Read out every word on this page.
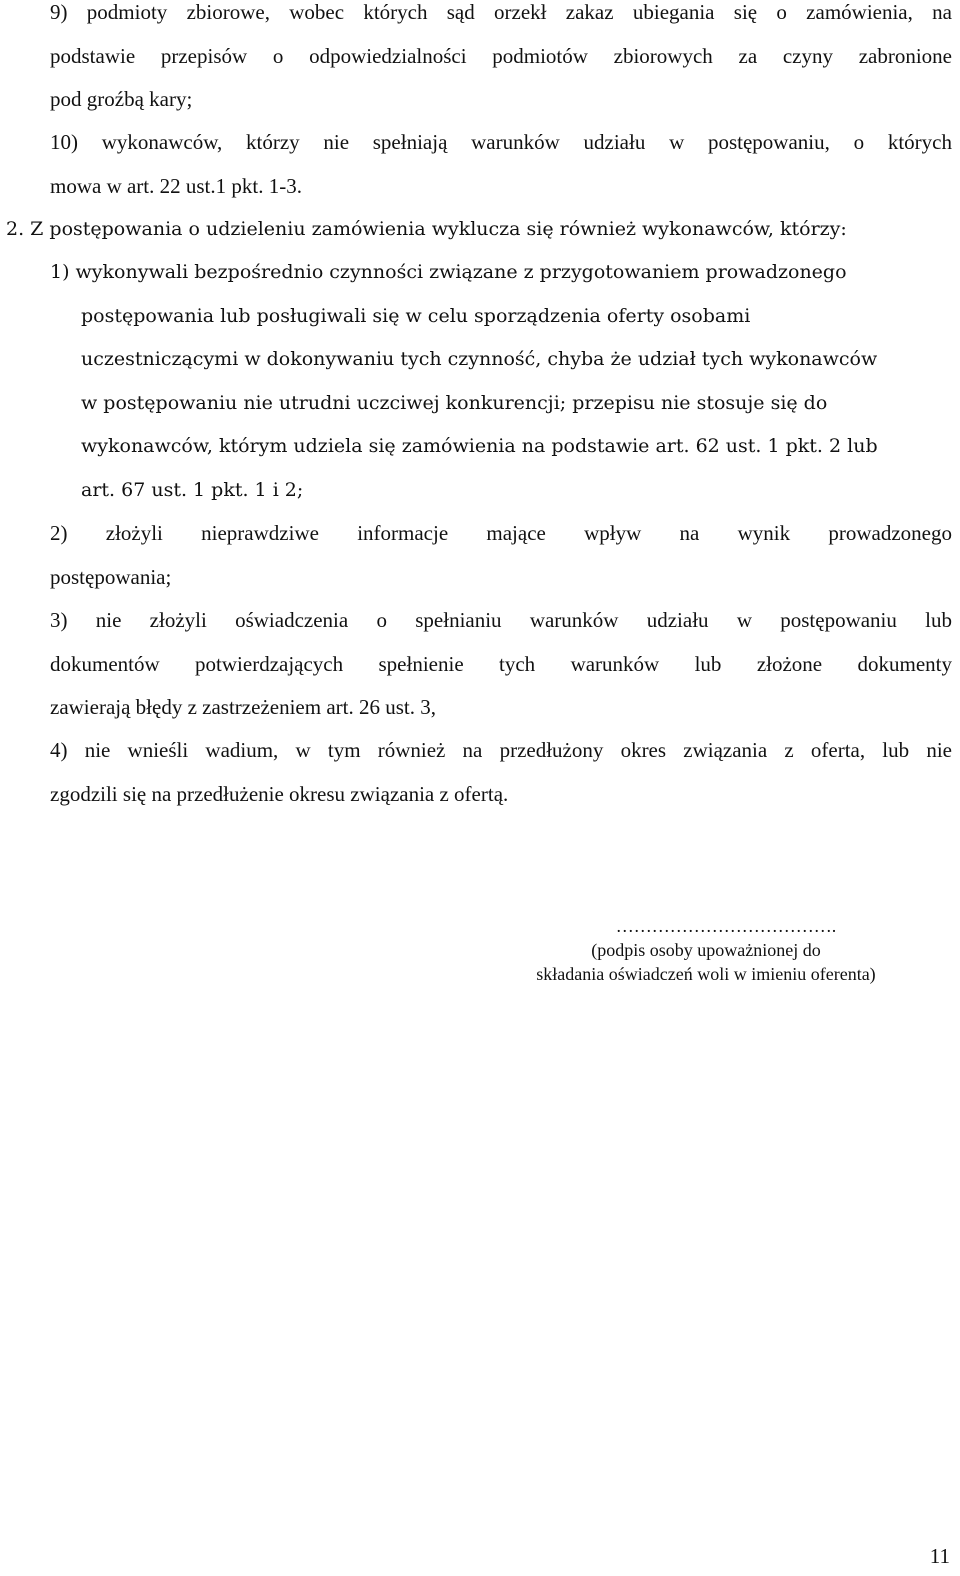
9) podmioty zbiorowe, wobec których sąd orzekł zakaz ubiegania się o zamówienia, na
podstawie przepisów o odpowiedzialności podmiotów zbiorowych za czyny zabronione
pod groźbą kary;
10) wykonawców, którzy nie spełniają warunków udziału w postępowaniu, o których
mowa w art. 22 ust.1 pkt. 1-3.
2. Z postępowania o udzieleniu zamówienia wyklucza się również wykonawców, którzy:
1) wykonywali bezpośrednio czynności związane z przygotowaniem prowadzonego
postępowania lub posługiwali się w celu sporządzenia oferty osobami
uczestniczącymi w dokonywaniu tych czynność, chyba że udział tych wykonawców
w postępowaniu nie utrudni uczciwej konkurencji; przepisu nie stosuje się do
wykonawców, którym udziela się zamówienia na podstawie art. 62 ust. 1 pkt. 2 lub
art. 67 ust. 1 pkt. 1 i 2;
2) złożyli nieprawdziwe informacje mające wpływ na wynik prowadzonego
postępowania;
3) nie złożyli oświadczenia o spełnianiu warunków udziału w postępowaniu lub
dokumentów potwierdzających spełnienie tych warunków lub złożone dokumenty
zawierają błędy z zastrzeżeniem art. 26 ust. 3,
4) nie wnieśli wadium, w tym również na przedłużony okres związania z oferta, lub nie
zgodzili się na przedłużenie okresu związania z ofertą.
……………………………….
(podpis osoby upoważnionej do
składania oświadczeń woli w imieniu oferenta)
11
